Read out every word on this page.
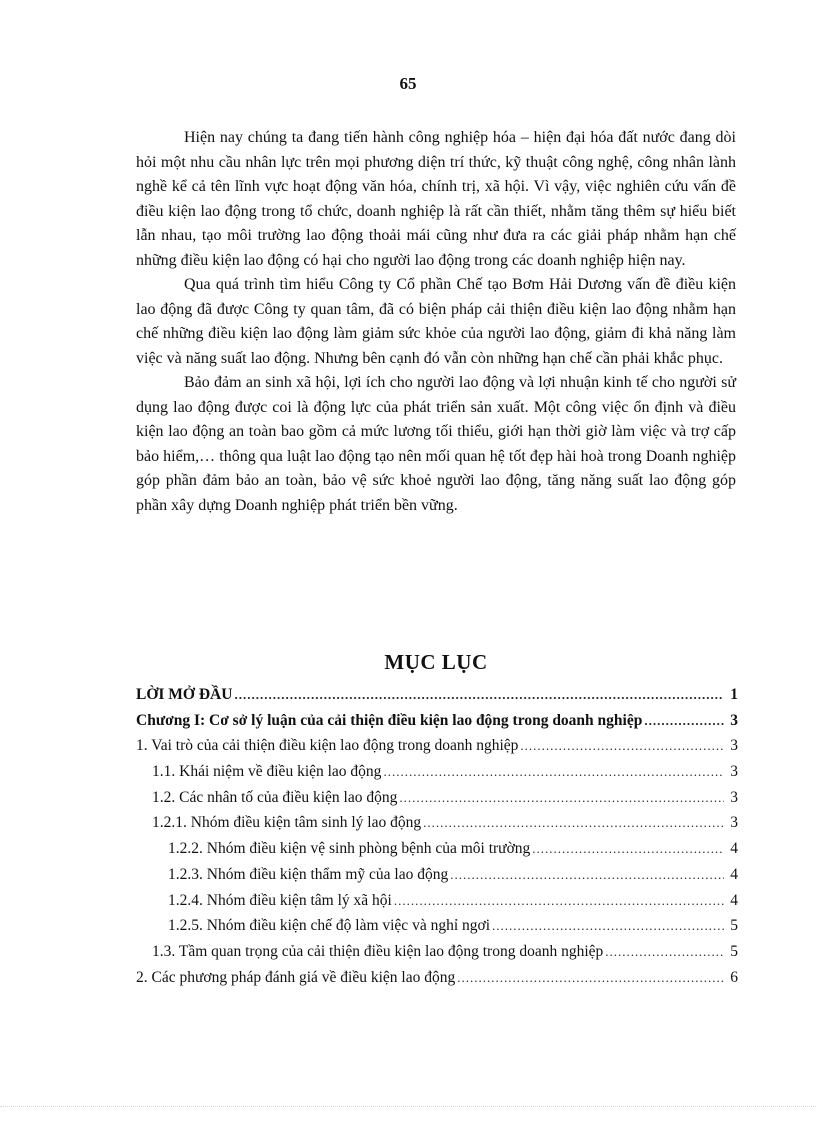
65

Hiện nay chúng ta đang tiến hành công nghiệp hóa – hiện đại hóa đất nước đang dòi hỏi một nhu cầu nhân lực trên mọi phương diện trí thức, kỹ thuật công nghệ, công nhân lành nghề kể cả tên lĩnh vực hoạt động văn hóa, chính trị, xã hội. Vì vậy, việc nghiên cứu vấn đề điều kiện lao động trong tổ chức, doanh nghiệp là rất cần thiết, nhằm tăng thêm sự hiểu biết lẫn nhau, tạo môi trường lao động thoải mái cũng như đưa ra các giải pháp nhằm hạn chế những điều kiện lao động có hại cho người lao động trong các doanh nghiệp hiện nay.

Qua quá trình tìm hiểu Công ty Cổ phần Chế tạo Bơm Hải Dương vấn đề điều kiện lao động đã được Công ty quan tâm, đã có biện pháp cải thiện điều kiện lao động nhằm hạn chế những điều kiện lao động làm giảm sức khỏe của người lao động, giảm đi khả năng làm việc và năng suất lao động. Nhưng bên cạnh đó vẫn còn những hạn chế cần phải khắc phục.

Bảo đảm an sinh xã hội, lợi ích cho người lao động và lợi nhuận kinh tế cho người sử dụng lao động được coi là động lực của phát triển sản xuất. Một công việc ổn định và điều kiện lao động an toàn bao gồm cả mức lương tối thiểu, giới hạn thời giờ làm việc và trợ cấp bảo hiểm,… thông qua luật lao động tạo nên mối quan hệ tốt đẹp hài hoà trong Doanh nghiệp góp phần đảm bảo an toàn, bảo vệ sức khoẻ người lao động, tăng năng suất lao động góp phần xây dựng Doanh nghiệp phát triển bền vững.

MỤC LỤC
LỜI MỞ ĐẦU .....	1
Chương I: Cơ sở lý luận của cải thiện điều kiện lao động trong doanh nghiệp .....	3
1. Vai trò của cải thiện điều kiện lao động trong doanh nghiệp .....	3
1.1. Khái niệm về điều kiện lao động .....	3
1.2. Các nhân tố của điều kiện lao động .....	3
1.2.1. Nhóm điều kiện tâm sinh lý lao động .....	3
1.2.2. Nhóm điều kiện vệ sinh phòng bệnh của môi trường .....	4
1.2.3. Nhóm điều kiện thẩm mỹ của lao động .....	4
1.2.4. Nhóm điều kiện tâm lý xã hội .....	4
1.2.5. Nhóm điều kiện chế độ làm việc và nghỉ ngơi .....	5
1.3. Tầm quan trọng của cải thiện điều kiện lao động trong doanh nghiệp .....	5
2. Các phương pháp đánh giá về điều kiện lao động .....	6
